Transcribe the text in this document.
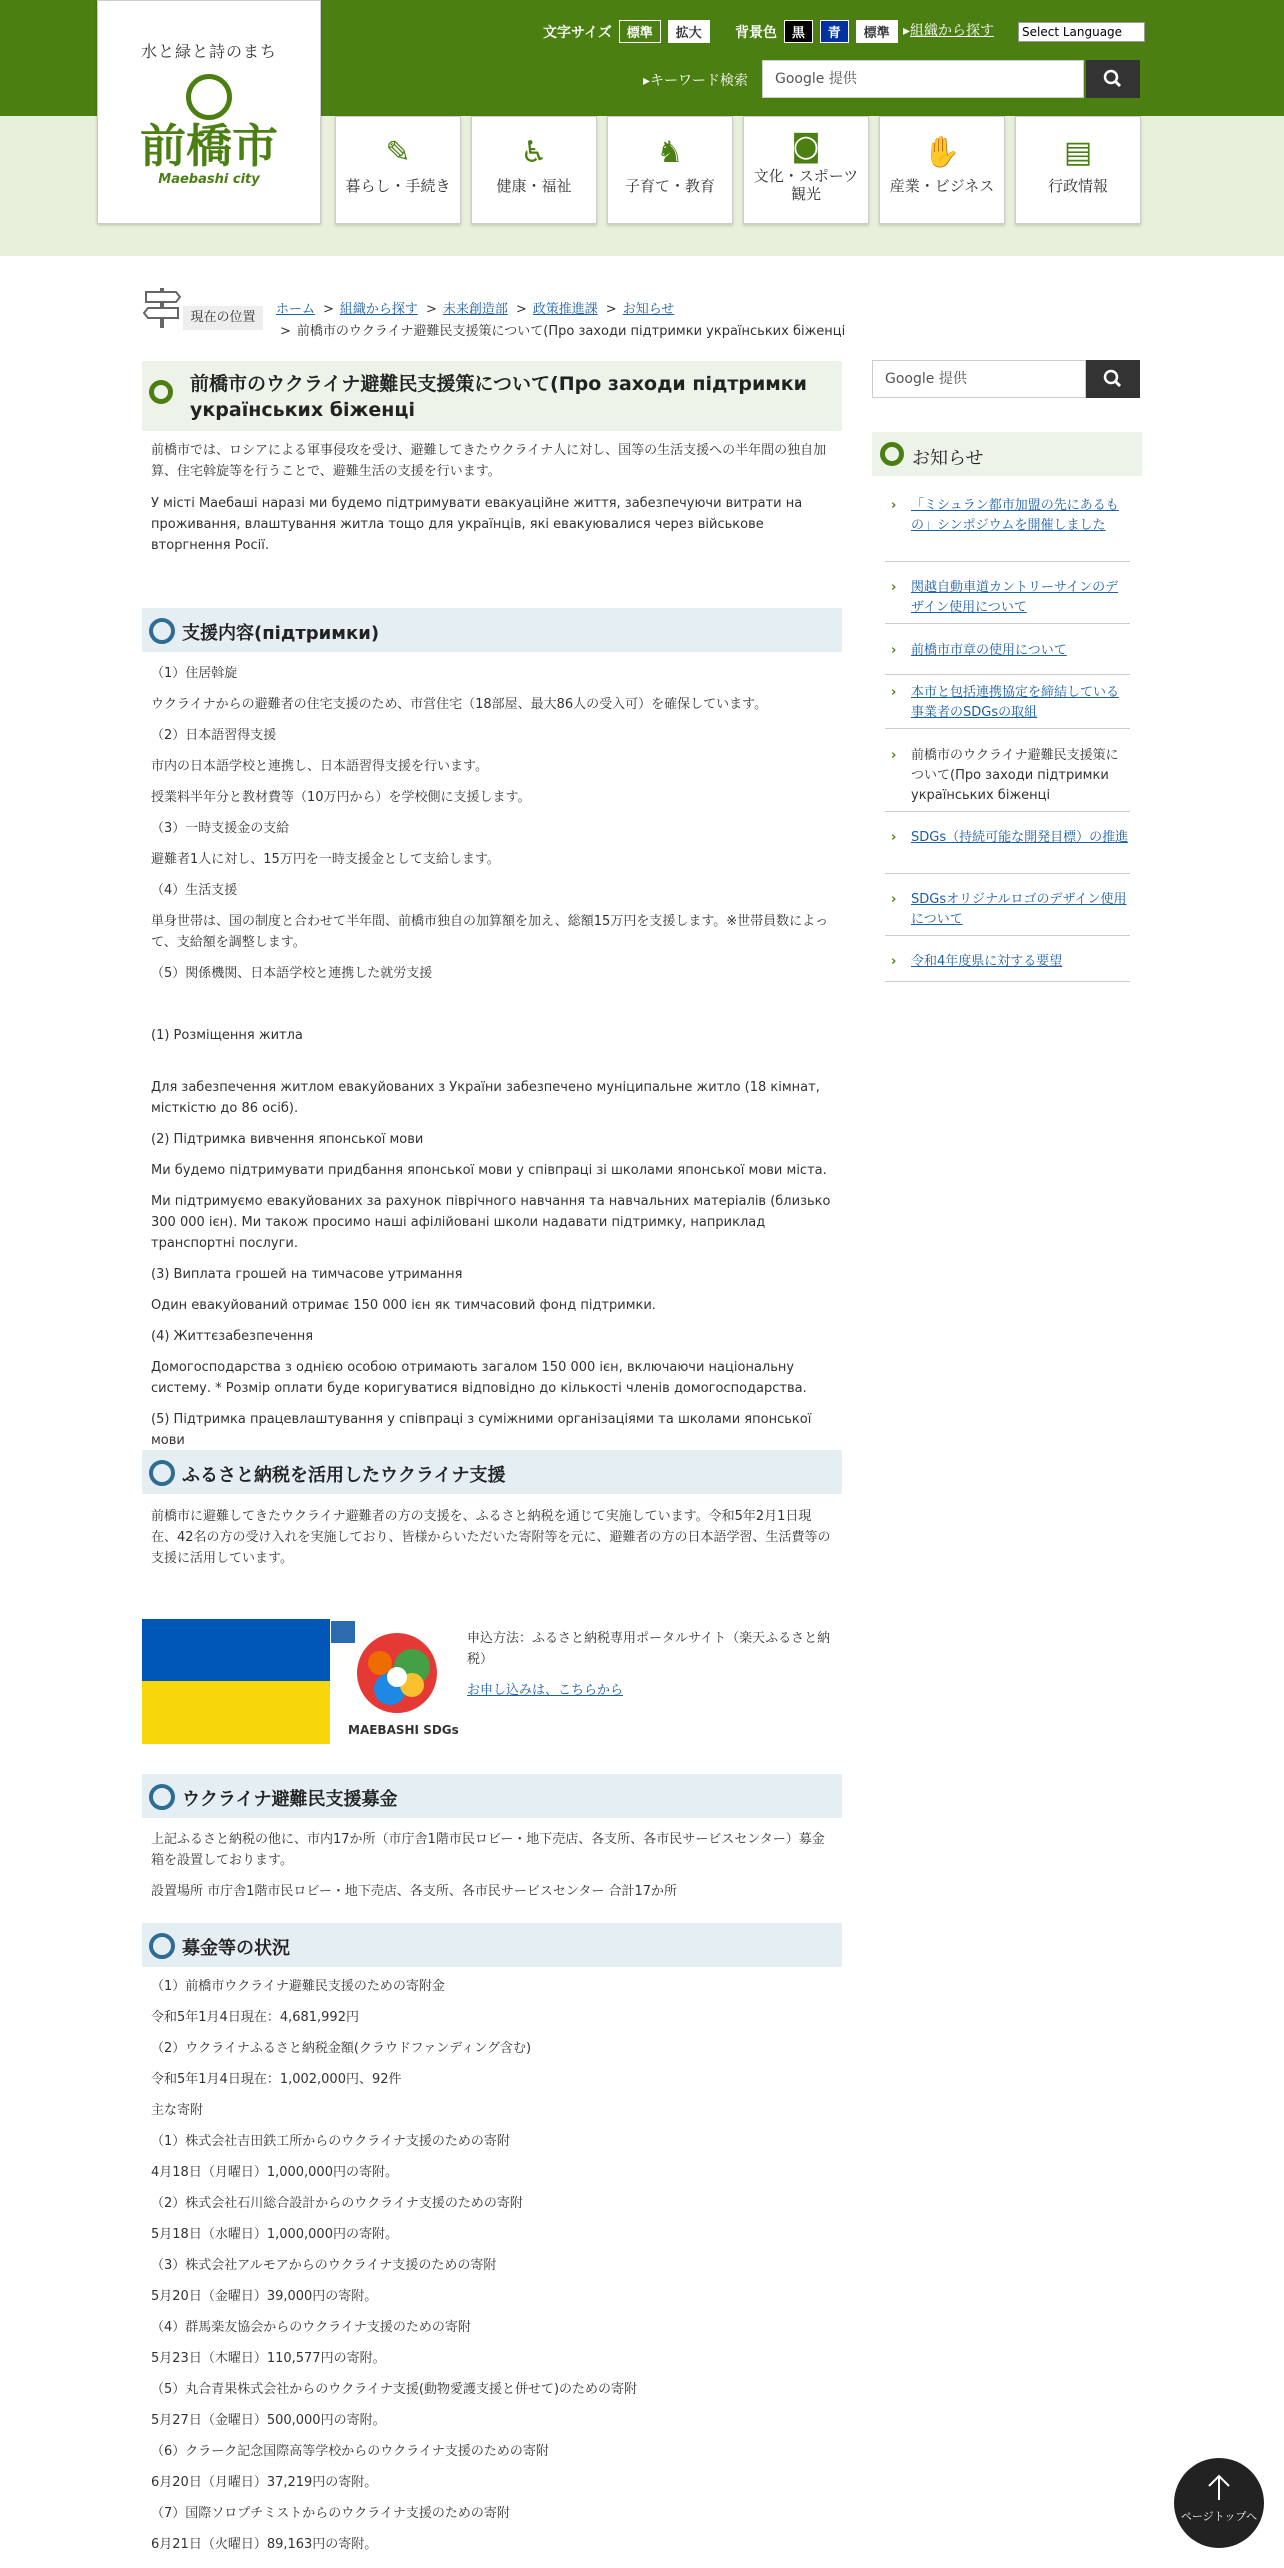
水と緑と詩のまち
前橋市
Maebashi city
文字サイズ 標準 拡大	背景色 黒 青 標準 ▸組織から探す	Select Language
▸キーワード検索	Google 提供
✎
暮らし・手続き
♿
健康・福祉
♞
子育て・教育
◙
文化・スポーツ
観光
✋
産業・ビジネス
▤
行政情報
現在の位置
ホーム > 組織から探す > 未来創造部 > 政策推進課 > お知らせ
> 前橋市のウクライナ避難民支援策について(Про заходи підтримки українських біженці
前橋市のウクライナ避難民支援策について(Про заходи підтримки українських біженці
前橋市では、ロシアによる軍事侵攻を受け、避難してきたウクライナ人に対し、国等の生活支援への半年間の独自加算、住宅斡旋等を行うことで、避難生活の支援を行います。
У місті Маебаші наразі ми будемо підтримувати евакуаційне життя, забезпечуючи витрати на проживання, влаштування житла тощо для українців, які евакуювалися через військове вторгнення Росії.
支援内容(підтримки)
（1）住居斡旋
ウクライナからの避難者の住宅支援のため、市営住宅（18部屋、最大86人の受入可）を確保しています。
（2）日本語習得支援
市内の日本語学校と連携し、日本語習得支援を行います。
授業料半年分と教材費等（10万円から）を学校側に支援します。
（3）一時支援金の支給
避難者1人に対し、15万円を一時支援金として支給します。
（4）生活支援
単身世帯は、国の制度と合わせて半年間、前橋市独自の加算額を加え、総額15万円を支援します。※世帯員数によって、支給額を調整します。
（5）関係機関、日本語学校と連携した就労支援
(1) Розміщення житла
Для забезпечення житлом евакуйованих з України забезпечено муніципальне житло (18 кімнат, місткістю до 86 осіб).
(2) Підтримка вивчення японської мови
Ми будемо підтримувати придбання японської мови у співпраці зі школами японської мови міста.
Ми підтримуємо евакуйованих за рахунок піврічного навчання та навчальних матеріалів (близько 300 000 ієн). Ми також просимо наші афілійовані школи надавати підтримку, наприклад транспортні послуги.
(3) Виплата грошей на тимчасове утримання
Один евакуйований отримає 150 000 ієн як тимчасовий фонд підтримки.
(4) Життєзабезпечення
Домогосподарства з однією особою отримають загалом 150 000 ієн, включаючи національну систему. * Розмір оплати буде коригуватися відповідно до кількості членів домогосподарства.
(5) Підтримка працевлаштування у співпраці з суміжними організаціями та школами японської мови
ふるさと納税を活用したウクライナ支援
前橋市に避難してきたウクライナ避難者の方の支援を、ふるさと納税を通じて実施しています。令和5年2月1日現在、42名の方の受け入れを実施しており、皆様からいただいた寄附等を元に、避難者の方の日本語学習、生活費等の支援に活用しています。
MAEBASHI SDGs
申込方法：ふるさと納税専用ポータルサイト（楽天ふるさと納税）
お申し込みは、こちらから
ウクライナ避難民支援募金
上記ふるさと納税の他に、市内17か所（市庁舎1階市民ロビー・地下売店、各支所、各市民サービスセンター）募金箱を設置しております。
設置場所 市庁舎1階市民ロビー・地下売店、各支所、各市民サービスセンター 合計17か所
募金等の状況
（1）前橋市ウクライナ避難民支援のための寄附金
令和5年1月4日現在：4,681,992円
（2）ウクライナふるさと納税金額(クラウドファンディング含む)
令和5年1月4日現在：1,002,000円、92件
主な寄附
（1）株式会社吉田鉄工所からのウクライナ支援のための寄附
4月18日（月曜日）1,000,000円の寄附。
（2）株式会社石川総合設計からのウクライナ支援のための寄附
5月18日（水曜日）1,000,000円の寄附。
（3）株式会社アルモアからのウクライナ支援のための寄附
5月20日（金曜日）39,000円の寄附。
（4）群馬楽友協会からのウクライナ支援のための寄附
5月23日（木曜日）110,577円の寄附。
（5）丸合青果株式会社からのウクライナ支援(動物愛護支援と併せて)のための寄附
5月27日（金曜日）500,000円の寄附。
（6）クラーク記念国際高等学校からのウクライナ支援のための寄附
6月20日（月曜日）37,219円の寄附。
（7）国際ソロプチミストからのウクライナ支援のための寄附
6月21日（火曜日）89,163円の寄附。
Google 提供
お知らせ
› 「ミシュラン都市加盟の先にあるもの」シンポジウムを開催しました
› 関越自動車道カントリーサインのデザイン使用について
› 前橋市市章の使用について
› 本市と包括連携協定を締結している事業者のSDGsの取組
› 前橋市のウクライナ避難民支援策について(Про заходи підтримки українських біженці
› SDGs（持続可能な開発目標）の推進
› SDGsオリジナルロゴのデザイン使用について
› 令和4年度県に対する要望
ページトップへ
